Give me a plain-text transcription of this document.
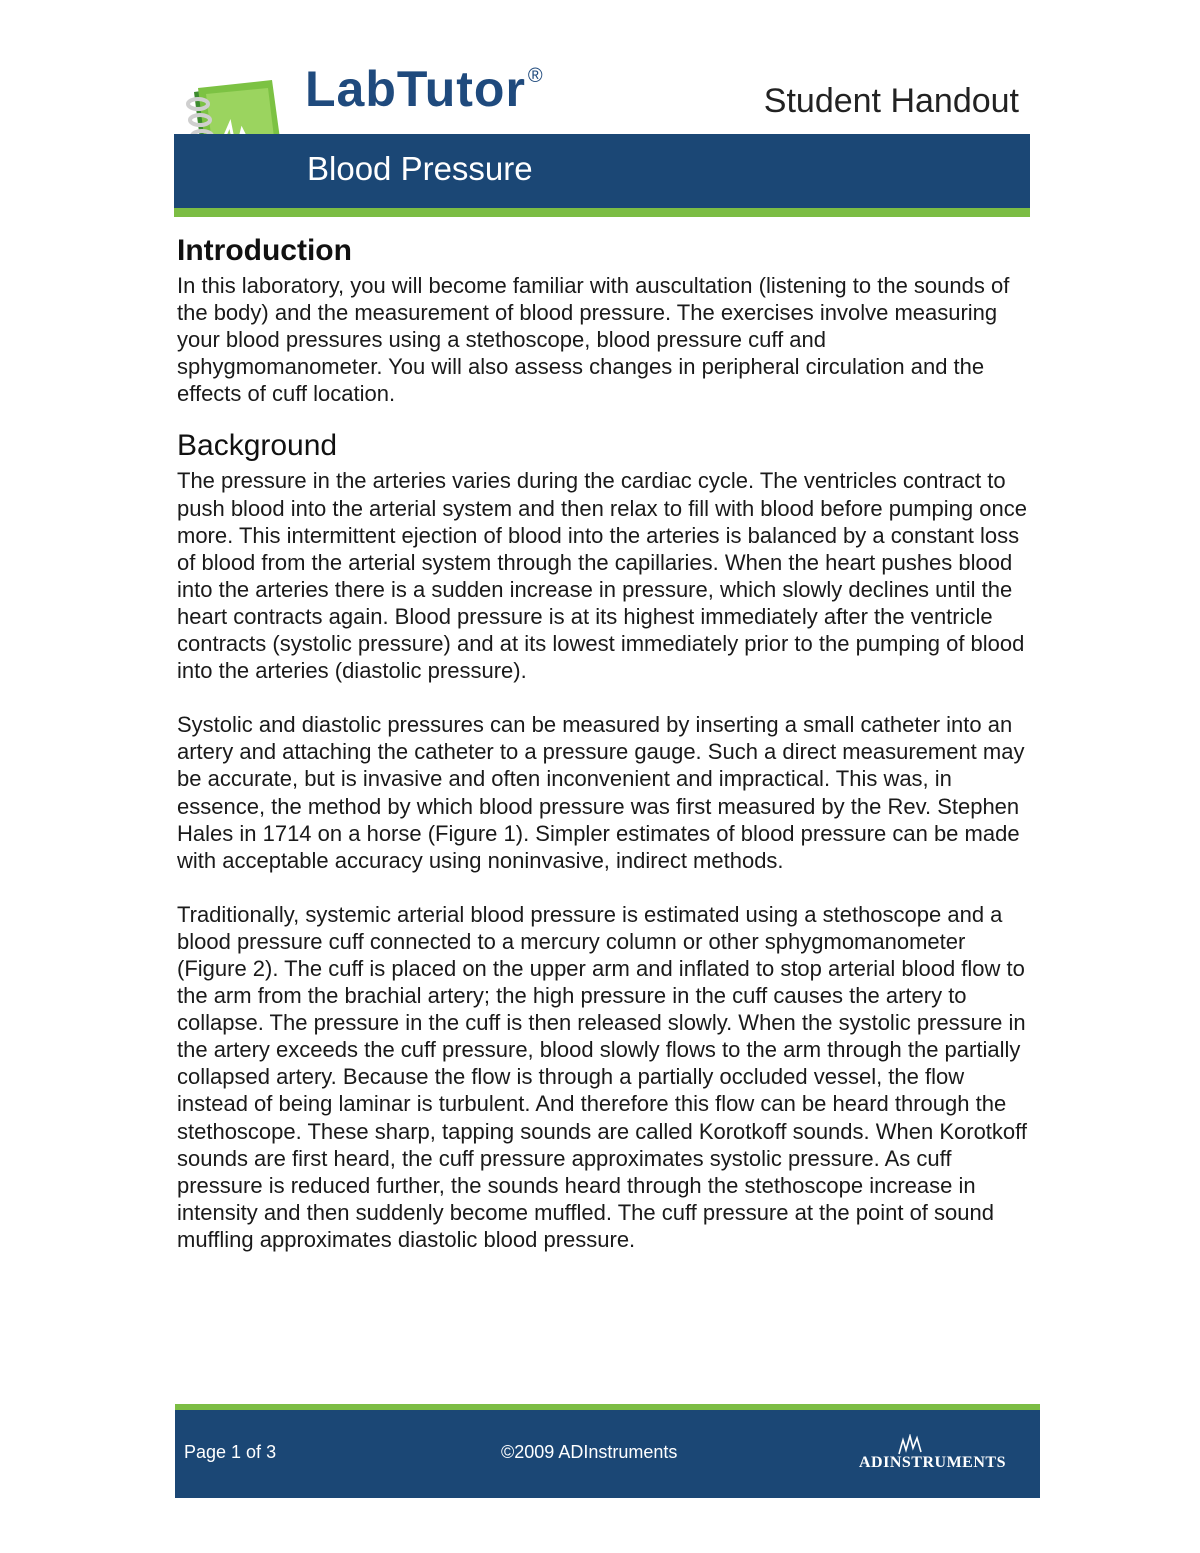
LabTutor ®
Student Handout
Blood Pressure
Introduction

In this laboratory, you will become familiar with auscultation (listening to the sounds of the body) and the measurement of blood pressure. The exercises involve measuring your blood pressures using a stethoscope, blood pressure cuff and sphygmomanometer. You will also assess changes in peripheral circulation and the effects of cuff location.

Background

The pressure in the arteries varies during the cardiac cycle. The ventricles contract to push blood into the arterial system and then relax to fill with blood before pumping once more. This intermittent ejection of blood into the arteries is balanced by a constant loss of blood from the arterial system through the capillaries. When the heart pushes blood into the arteries there is a sudden increase in pressure, which slowly declines until the heart contracts again. Blood pressure is at its highest immediately after the ventricle contracts (systolic pressure) and at its lowest immediately prior to the pumping of blood into the arteries (diastolic pressure).

Systolic and diastolic pressures can be measured by inserting a small catheter into an artery and attaching the catheter to a pressure gauge. Such a direct measurement may be accurate, but is invasive and often inconvenient and impractical. This was, in essence, the method by which blood pressure was first measured by the Rev. Stephen Hales in 1714 on a horse (Figure 1). Simpler estimates of blood pressure can be made with acceptable accuracy using noninvasive, indirect methods.

Traditionally, systemic arterial blood pressure is estimated using a stethoscope and a blood pressure cuff connected to a mercury column or other sphygmomanometer (Figure 2). The cuff is placed on the upper arm and inflated to stop arterial blood flow to the arm from the brachial artery; the high pressure in the cuff causes the artery to collapse. The pressure in the cuff is then released slowly. When the systolic pressure in the artery exceeds the cuff pressure, blood slowly flows to the arm through the partially collapsed artery. Because the flow is through a partially occluded vessel, the flow instead of being laminar is turbulent. And therefore this flow can be heard through the stethoscope. These sharp, tapping sounds are called Korotkoff sounds. When Korotkoff sounds are first heard, the cuff pressure approximates systolic pressure. As cuff pressure is reduced further, the sounds heard through the stethoscope increase in intensity and then suddenly become muffled. The cuff pressure at the point of sound muffling approximates diastolic blood pressure.

Page 1 of 3	©2009 ADInstruments
ADINSTRUMENTS
